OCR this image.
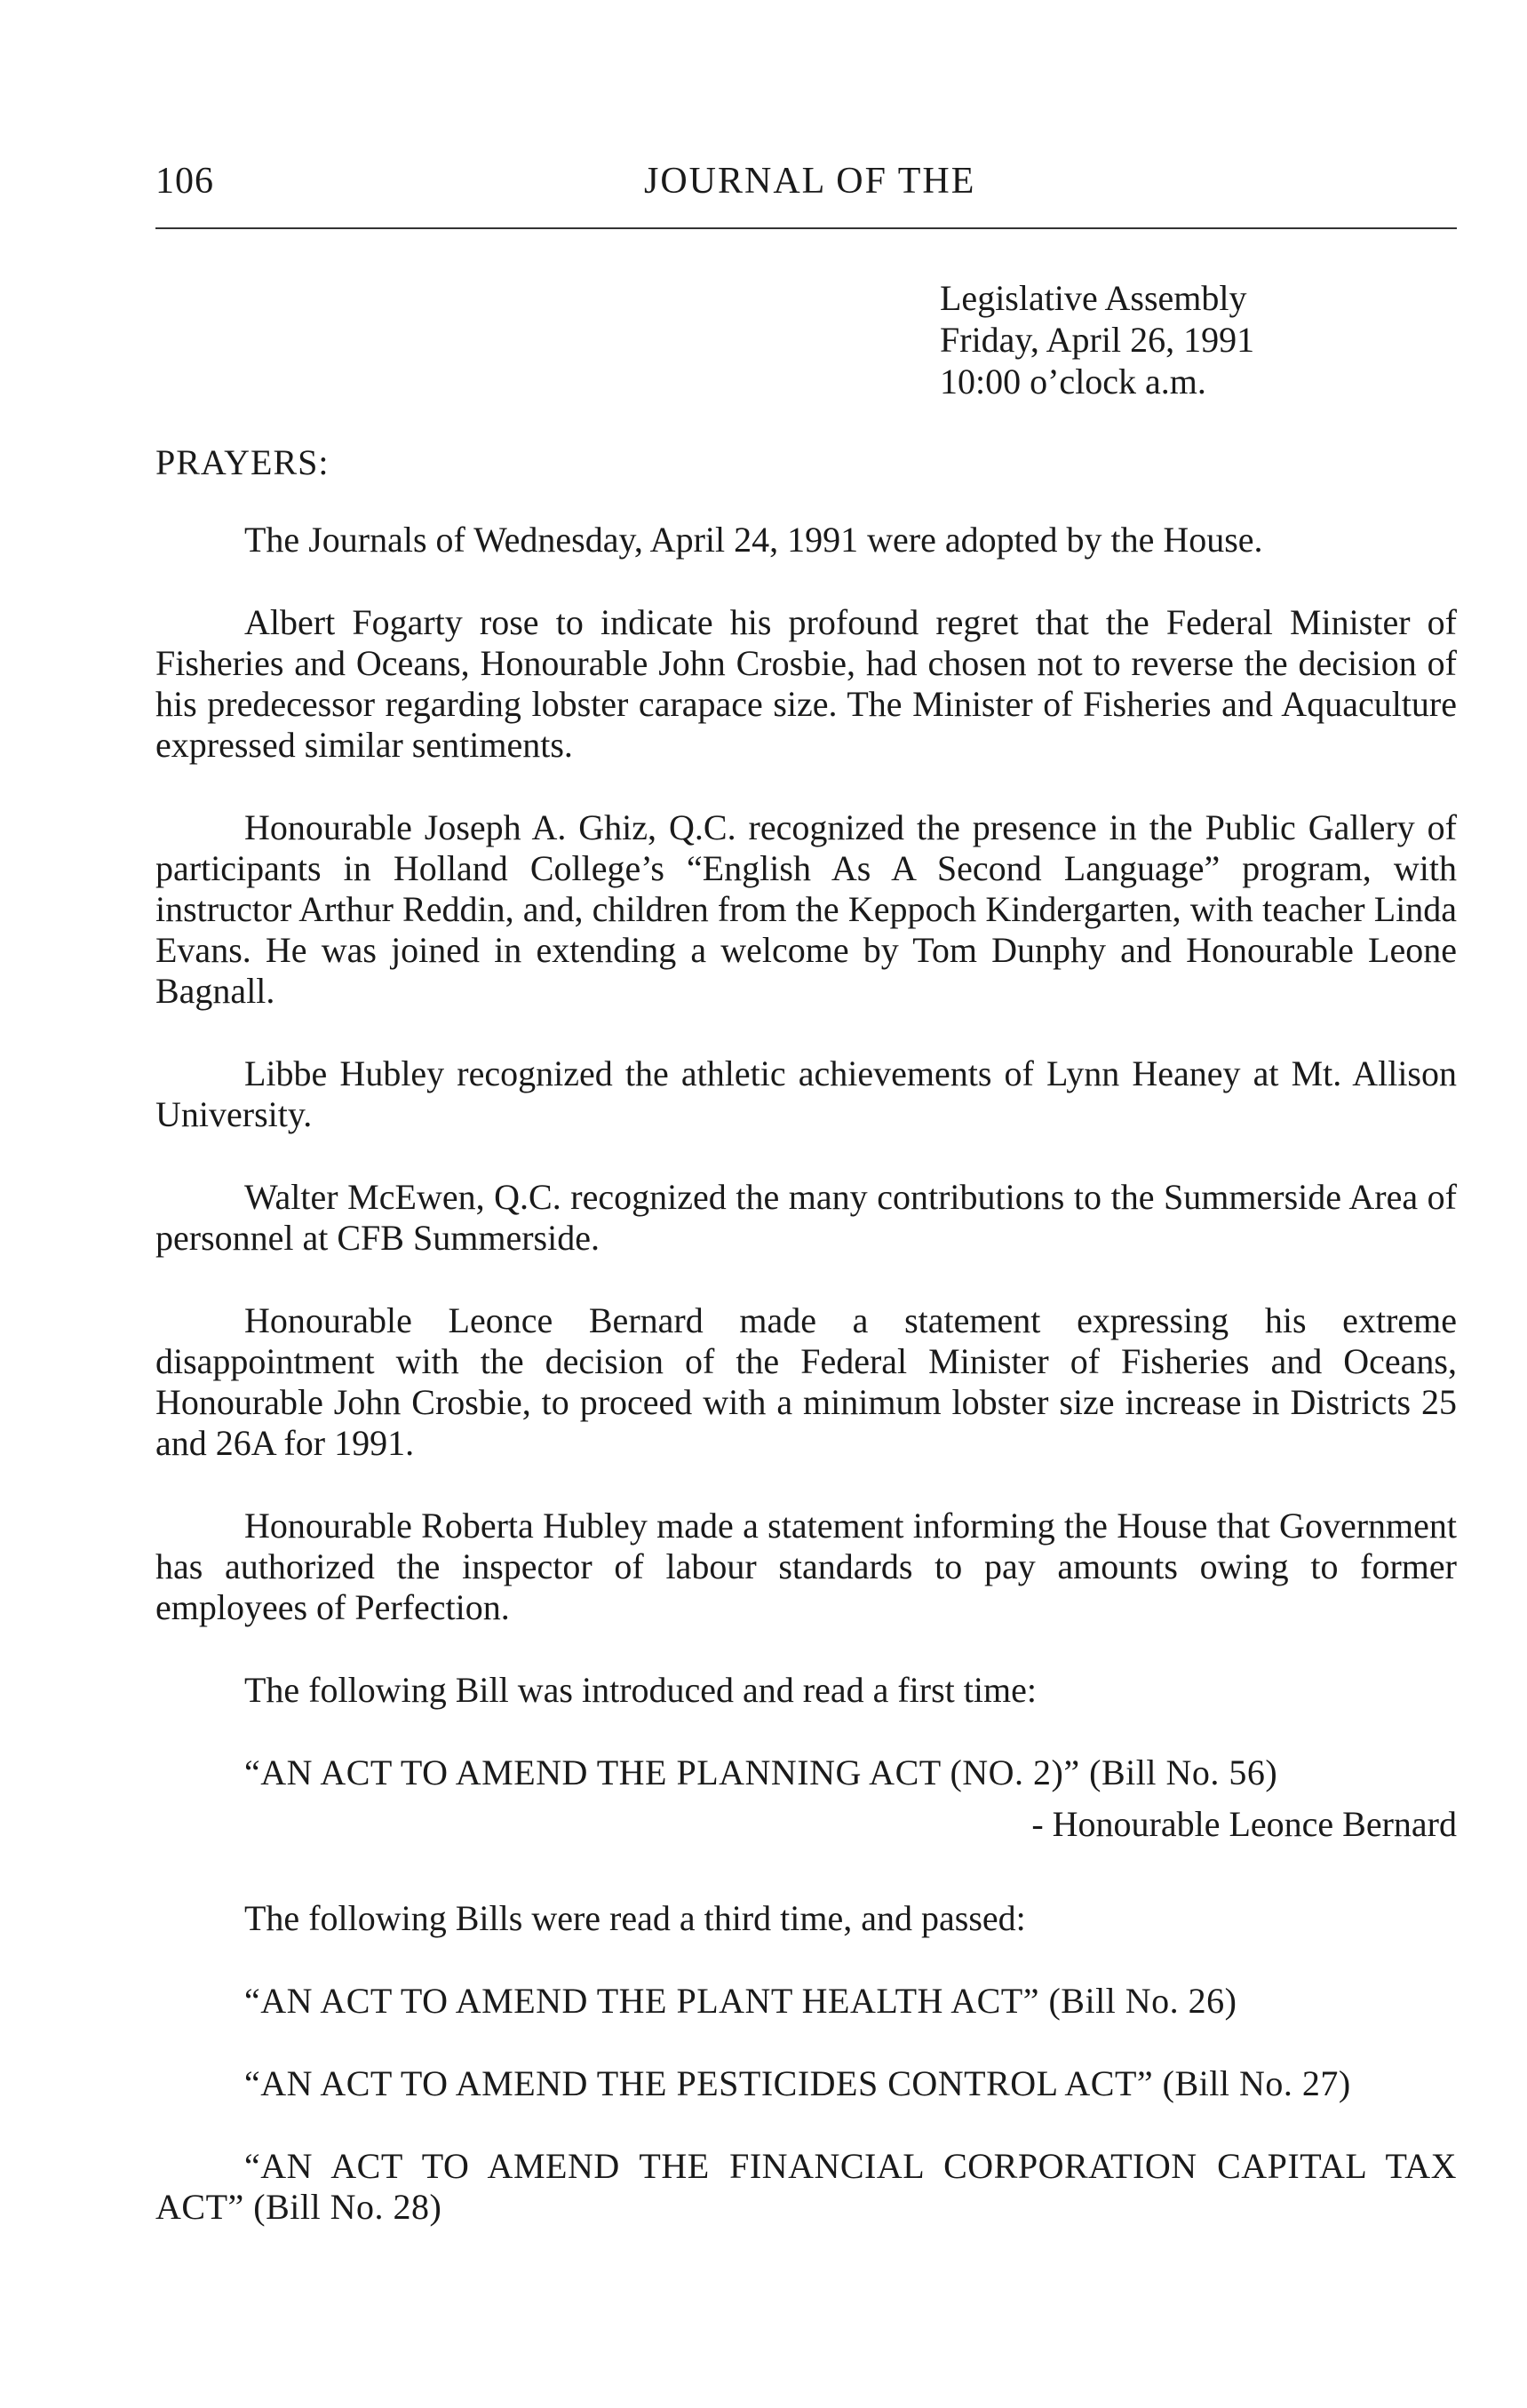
106	JOURNAL OF THE
Legislative Assembly
Friday, April 26, 1991
10:00 o’clock a.m.
PRAYERS:

The Journals of Wednesday, April 24, 1991 were adopted by the House.

Albert Fogarty rose to indicate his profound regret that the Federal Minister of Fisheries and Oceans, Honourable John Crosbie, had chosen not to reverse the decision of his predecessor regarding lobster carapace size. The Minister of Fisheries and Aquaculture expressed similar sentiments.

Honourable Joseph A. Ghiz, Q.C. recognized the presence in the Public Gallery of participants in Holland College’s “English As A Second Language” program, with instructor Arthur Reddin, and, children from the Keppoch Kindergarten, with teacher Linda Evans. He was joined in extending a welcome by Tom Dunphy and Honourable Leone Bagnall.

Libbe Hubley recognized the athletic achievements of Lynn Heaney at Mt. Allison University.

Walter McEwen, Q.C. recognized the many contributions to the Summerside Area of personnel at CFB Summerside.

Honourable Leonce Bernard made a statement expressing his extreme disappointment with the decision of the Federal Minister of Fisheries and Oceans, Honourable John Crosbie, to proceed with a minimum lobster size increase in Districts 25 and 26A for 1991.

Honourable Roberta Hubley made a statement informing the House that Government has authorized the inspector of labour standards to pay amounts owing to former employees of Perfection.

The following Bill was introduced and read a first time:

“AN ACT TO AMEND THE PLANNING ACT (NO. 2)” (Bill No. 56)

- Honourable Leonce Bernard

The following Bills were read a third time, and passed:

“AN ACT TO AMEND THE PLANT HEALTH ACT” (Bill No. 26)

“AN ACT TO AMEND THE PESTICIDES CONTROL ACT” (Bill No. 27)

“AN ACT TO AMEND THE FINANCIAL CORPORATION CAPITAL TAX ACT” (Bill No. 28)
